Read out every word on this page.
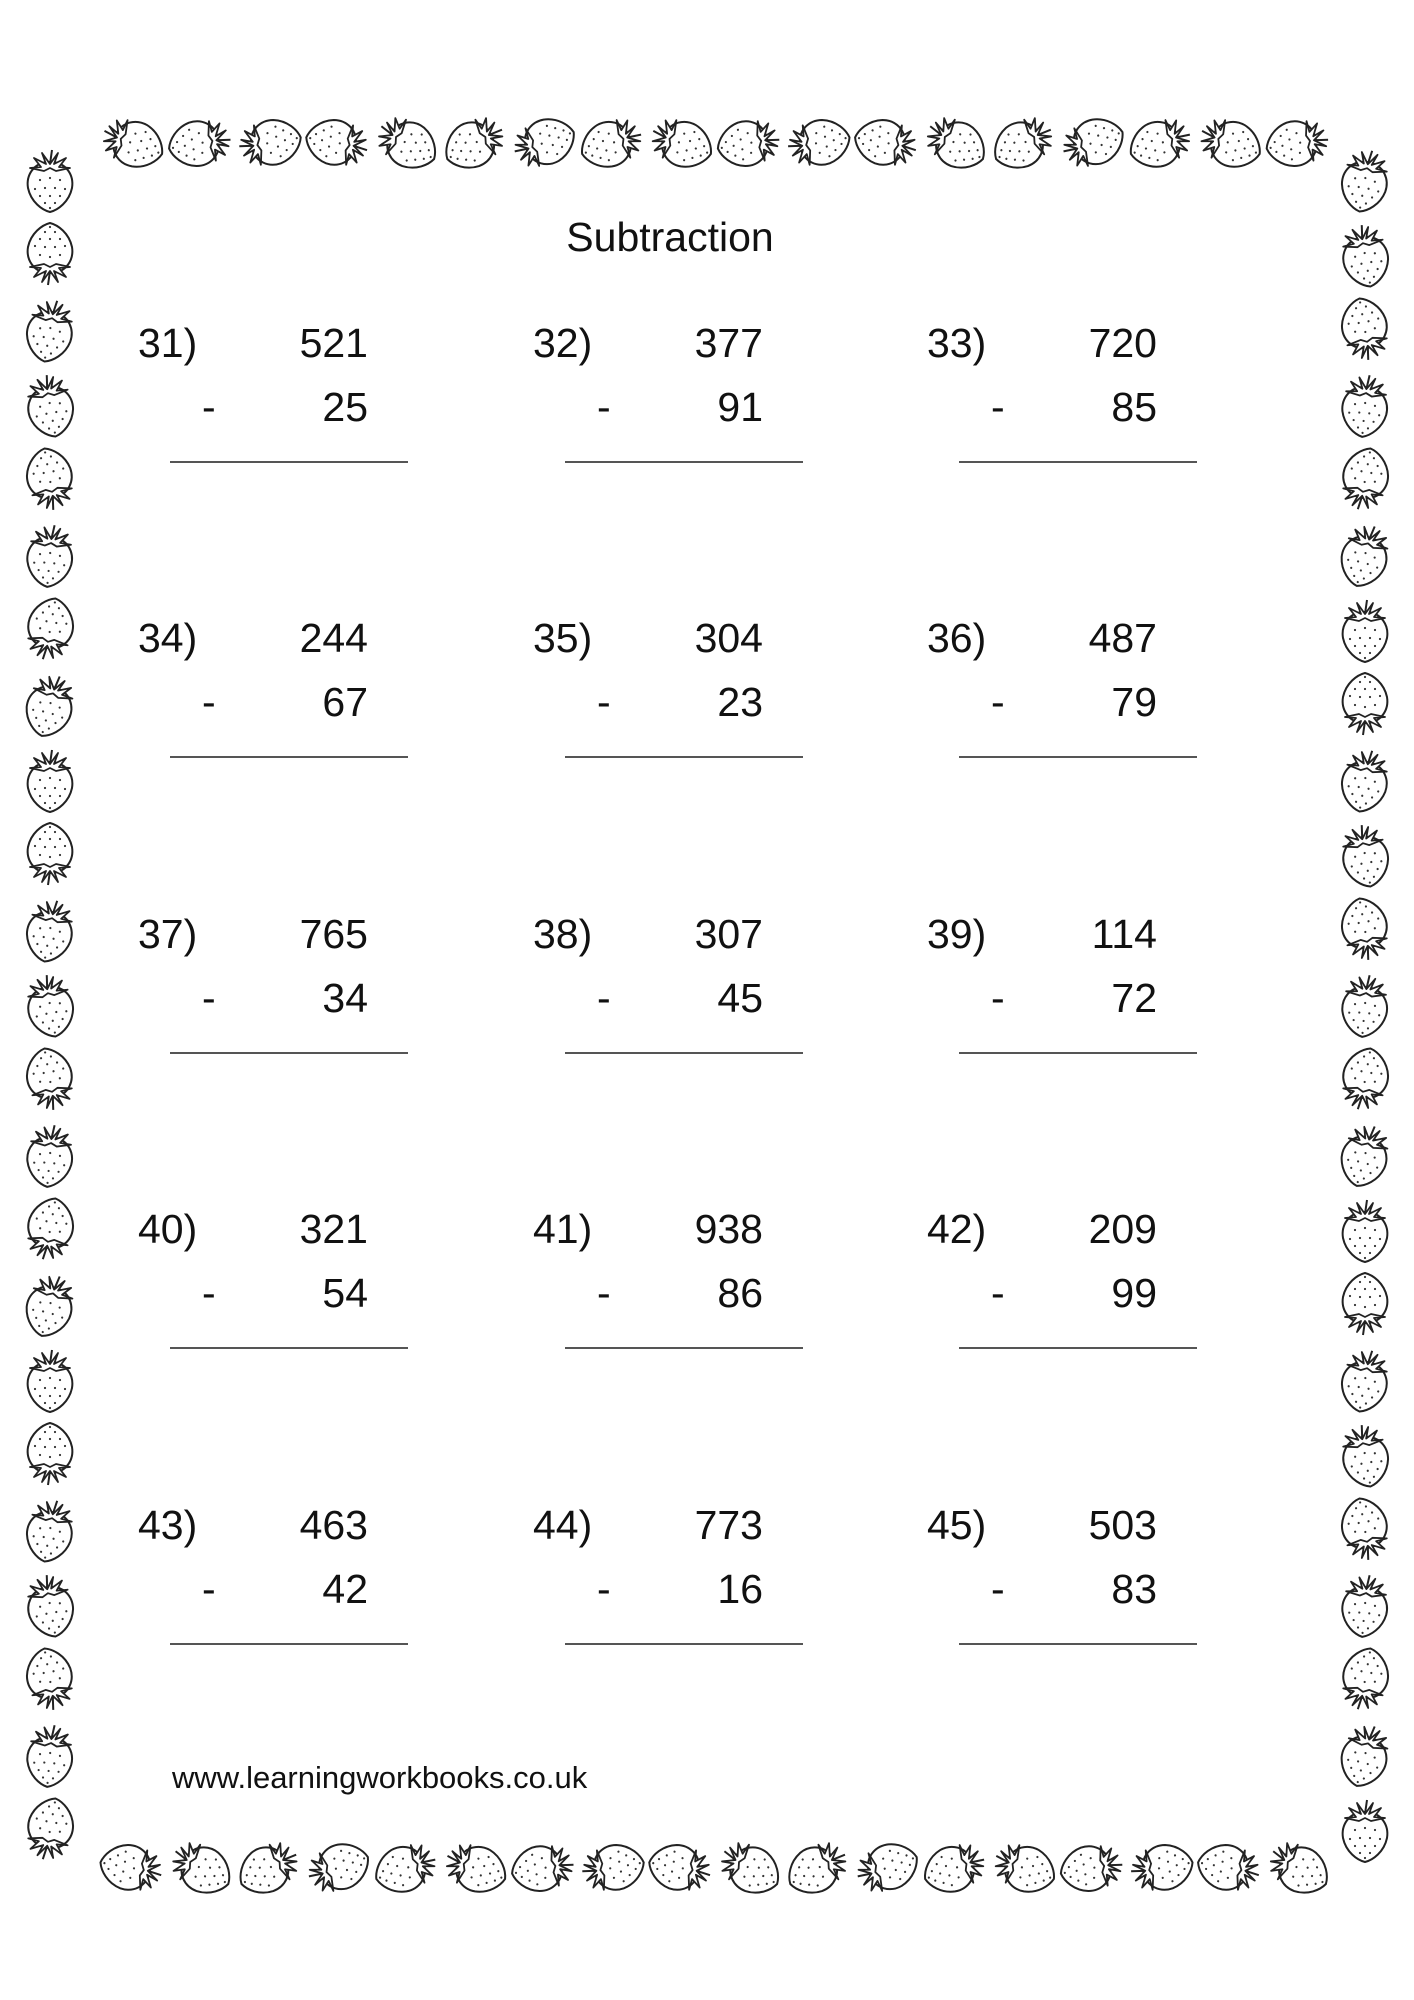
Subtraction
31) 521
-	25
32) 377
-	91
33) 720
-	85
34) 244
-	67
35) 304
-	23
36) 487
-	79
37) 765
-	34
38) 307
-	45
39)	114
-	72
40) 321
-	54
41) 938
-	86
42) 209
-	99
43) 463
-	42
44) 773
-	16
45) 503
-	83
www.learningworkbooks.co.uk
